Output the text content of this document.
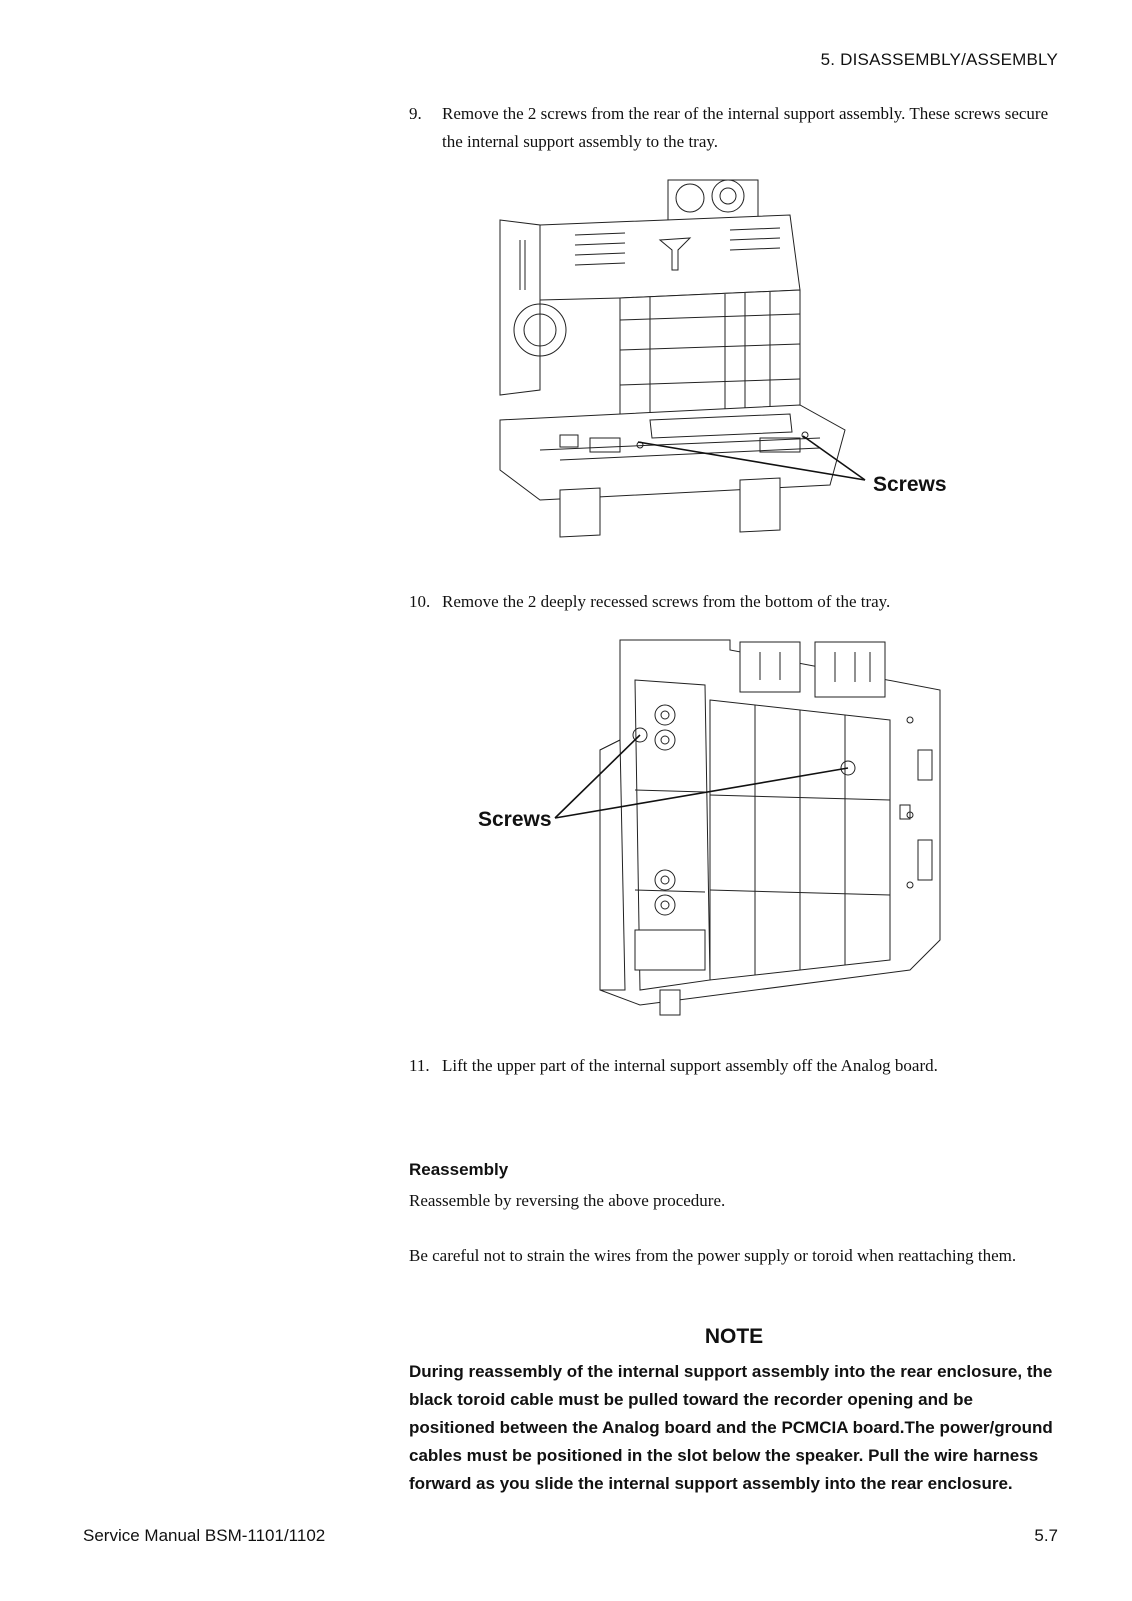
5. DISASSEMBLY/ASSEMBLY
9. Remove the 2 screws from the rear of the internal support assembly. These screws secure the internal support assembly to the tray.
Screws
10. Remove the 2 deeply recessed screws from the bottom of the tray.
Screws
11. Lift the upper part of the internal support assembly off the Analog board.
Reassembly
Reassemble by reversing the above procedure.
Be careful not to strain the wires from the power supply or toroid when reattaching them.
NOTE
During reassembly of the internal support assembly into the rear enclosure, the black toroid cable must be pulled toward the recorder opening and be positioned between the Analog board and the PCMCIA board.The power/ground cables must be positioned in the slot below the speaker. Pull the wire harness forward as you slide the internal support assembly into the rear enclosure.
Service Manual BSM-1101/1102	5.7
